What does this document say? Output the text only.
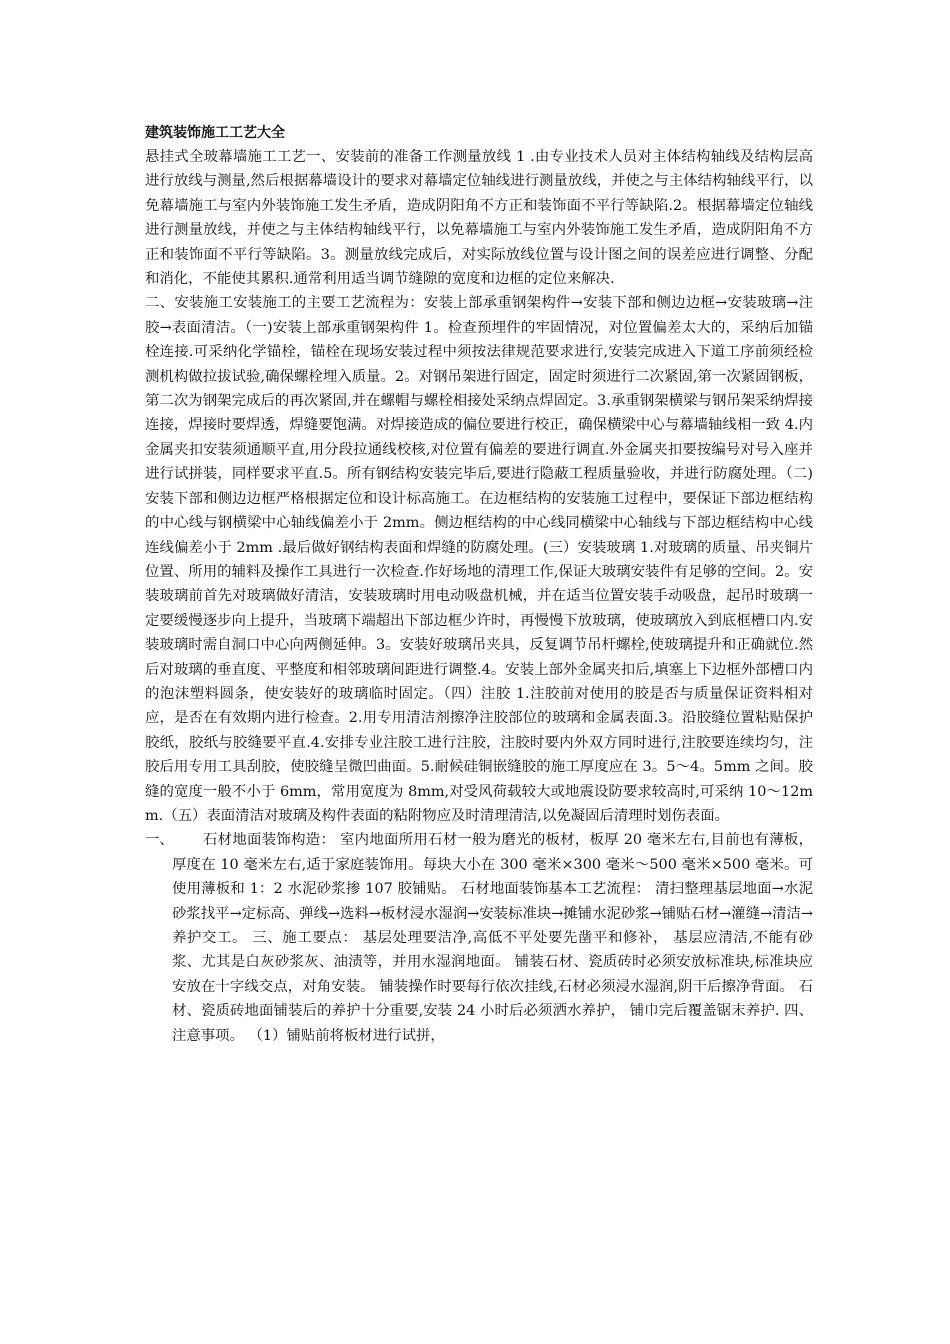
建筑装饰施工工艺大全

悬挂式全玻幕墙施工工艺一、安装前的准备工作测量放线 1 .由专业技术人员对主体结构轴线及结构层高进行放线与测量,然后根据幕墙设计的要求对幕墙定位轴线进行测量放线，并使之与主体结构轴线平行，以免幕墙施工与室内外装饰施工发生矛盾，造成阴阳角不方正和装饰面不平行等缺陷.2。根据幕墙定位轴线进行测量放线，并使之与主体结构轴线平行，以免幕墙施工与室内外装饰施工发生矛盾，造成阴阳角不方正和装饰面不平行等缺陷。3。测量放线完成后，对实际放线位置与设计图之间的误差应进行调整、分配和消化，不能使其累积.通常利用适当调节缝隙的宽度和边框的定位来解决.

二、安装施工安装施工的主要工艺流程为：安装上部承重钢架构件→安装下部和侧边边框→安装玻璃→注胶→表面清洁。（一)安装上部承重钢架构件 1。检查预埋件的牢固情况，对位置偏差太大的，采纳后加锚栓连接.可采纳化学锚栓，锚栓在现场安装过程中须按法律规范要求进行,安装完成进入下道工序前须经检测机构做拉拔试验,确保螺栓埋入质量。2。对钢吊架进行固定，固定时须进行二次紧固,第一次紧固钢板，第二次为钢架完成后的再次紧固,并在螺帽与螺栓相接处采纳点焊固定。3.承重钢架横梁与钢吊架采纳焊接连接，焊接时要焊透，焊缝要饱满。对焊接造成的偏位要进行校正，确保横梁中心与幕墙轴线相一致 4.内金属夹扣安装须通顺平直,用分段拉通线校核,对位置有偏差的要进行调直.外金属夹扣要按编号对号入座并进行试拼装，同样要求平直.5。所有钢结构安装完毕后,要进行隐蔽工程质量验收，并进行防腐处理。（二)安装下部和侧边边框严格根据定位和设计标高施工。在边框结构的安装施工过程中，要保证下部边框结构的中心线与钢横梁中心轴线偏差小于 2mm。侧边框结构的中心线同横梁中心轴线与下部边框结构中心线连线偏差小于 2mm .最后做好钢结构表面和焊缝的防腐处理。(三）安装玻璃 1.对玻璃的质量、吊夹铜片位置、所用的辅料及操作工具进行一次检查.作好场地的清理工作,保证大玻璃安装件有足够的空间。2。安装玻璃前首先对玻璃做好清洁，安装玻璃时用电动吸盘机械，并在适当位置安装手动吸盘，起吊时玻璃一定要缓慢逐步向上提升，当玻璃下端超出下部边框少许时，再慢慢下放玻璃，使玻璃放入到底框槽口内.安装玻璃时需自洞口中心向两侧延伸。3。安装好玻璃吊夹具，反复调节吊杆螺栓,使玻璃提升和正确就位.然后对玻璃的垂直度、平整度和相邻玻璃间距进行调整.4。安装上部外金属夹扣后,填塞上下边框外部槽口内的泡沫塑料圆条，使安装好的玻璃临时固定。（四）注胶 1.注胶前对使用的胶是否与质量保证资料相对应，是否在有效期内进行检查。2.用专用清洁剂擦净注胶部位的玻璃和金属表面.3。沿胶缝位置粘贴保护胶纸，胶纸与胶缝要平直.4.安排专业注胶工进行注胶，注胶时要内外双方同时进行,注胶要连续均匀，注胶后用专用工具刮胶，使胶缝呈微凹曲面。5.耐候硅铜嵌缝胶的施工厚度应在 3。5～4。5mm 之间。胶缝的宽度一般不小于 6mm，常用宽度为 8mm,对受风荷载较大或地震设防要求较高时,可采纳 10～12mm.（五）表面清洁对玻璃及构件表面的粘附物应及时清理清洁,以免凝固后清理时划伤表面。

一、	石材地面装饰构造： 室内地面所用石材一般为磨光的板材，板厚 20 毫米左右,目前也有薄板，厚度在 10 毫米左右,适于家庭装饰用。每块大小在 300 毫米×300 毫米～500 毫米×500 毫米。可使用薄板和 1：2 水泥砂浆掺 107 胶铺贴。 石材地面装饰基本工艺流程： 清扫整理基层地面→水泥砂浆找平→定标高、弹线→选料→板材浸水湿润→安装标准块→摊铺水泥砂浆→铺贴石材→灌缝→清洁→养护交工。 三、施工要点： 基层处理要洁净,高低不平处要先凿平和修补， 基层应清洁,不能有砂浆、尤其是白灰砂浆灰、油渍等，并用水湿润地面。 铺装石材、瓷质砖时必须安放标准块,标准块应安放在十字线交点，对角安装。 铺装操作时要每行依次挂线,石材必须浸水湿润,阴干后擦净背面。 石材、瓷质砖地面铺装后的养护十分重要,安装 24 小时后必须洒水养护， 铺巾完后覆盖锯末养护. 四、注意事项。 （1）铺贴前将板材进行试拼，
